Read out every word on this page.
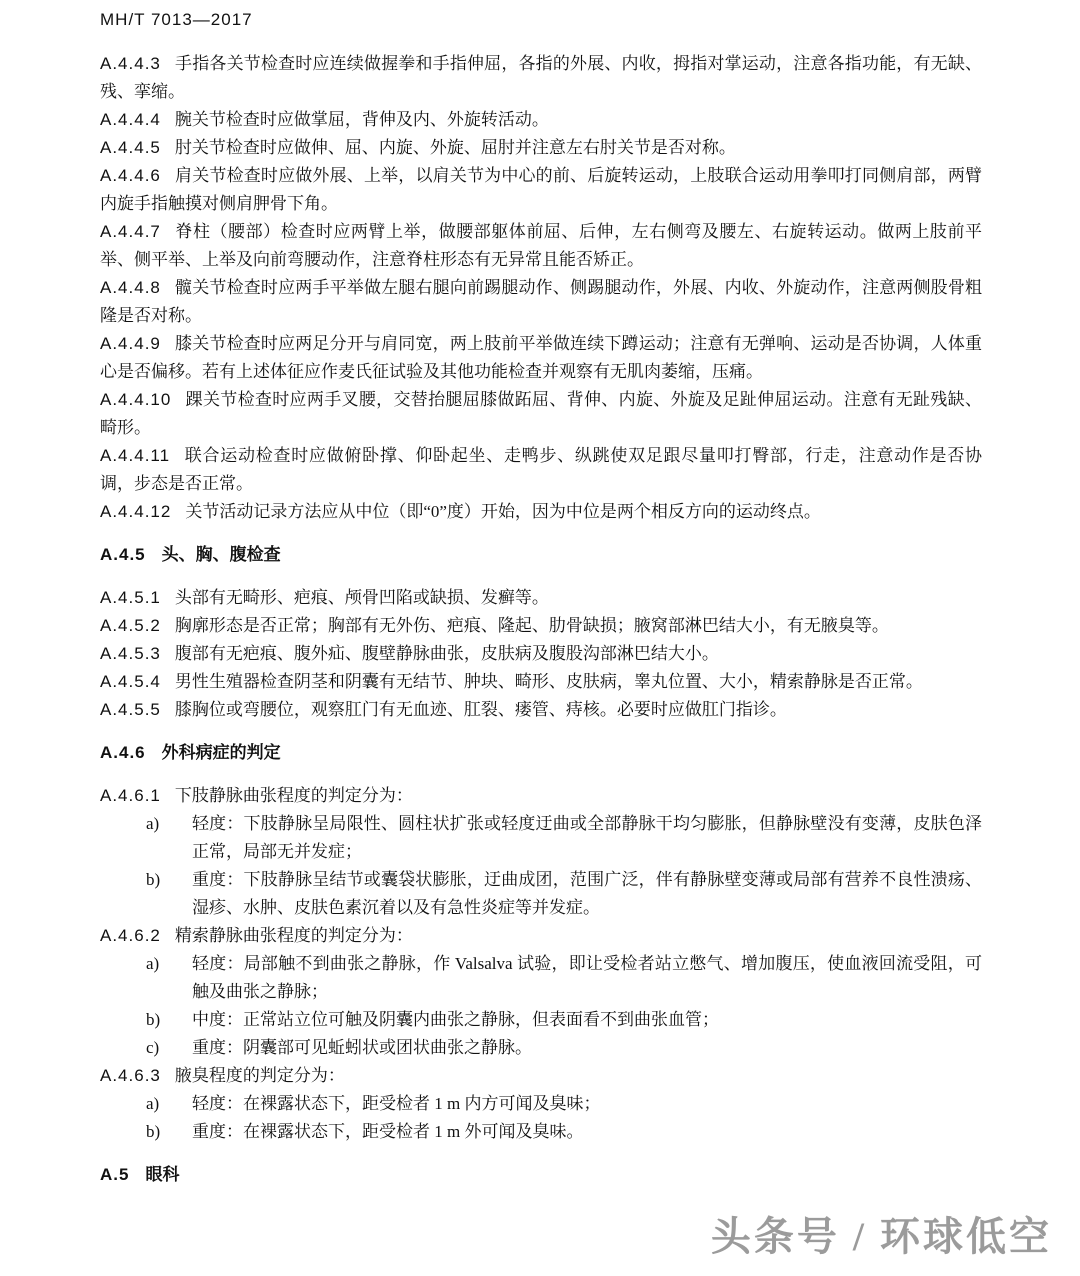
MH/T 7013—2017

A.4.4.3 手指各关节检查时应连续做握拳和手指伸屈，各指的外展、内收，拇指对掌运动，注意各指功能，有无缺、残、挛缩。

A.4.4.4 腕关节检查时应做掌屈，背伸及内、外旋转活动。

A.4.4.5 肘关节检查时应做伸、屈、内旋、外旋、屈肘并注意左右肘关节是否对称。

A.4.4.6 肩关节检查时应做外展、上举，以肩关节为中心的前、后旋转运动，上肢联合运动用拳叩打同侧肩部，两臂内旋手指触摸对侧肩胛骨下角。

A.4.4.7 脊柱（腰部）检查时应两臂上举，做腰部躯体前屈、后伸，左右侧弯及腰左、右旋转运动。做两上肢前平举、侧平举、上举及向前弯腰动作，注意脊柱形态有无异常且能否矫正。

A.4.4.8 髋关节检查时应两手平举做左腿右腿向前踢腿动作、侧踢腿动作，外展、内收、外旋动作，注意两侧股骨粗隆是否对称。

A.4.4.9 膝关节检查时应两足分开与肩同宽，两上肢前平举做连续下蹲运动；注意有无弹响、运动是否协调，人体重心是否偏移。若有上述体征应作麦氏征试验及其他功能检查并观察有无肌肉萎缩，压痛。

A.4.4.10 踝关节检查时应两手叉腰，交替抬腿屈膝做跖屈、背伸、内旋、外旋及足趾伸屈运动。注意有无趾残缺、畸形。

A.4.4.11 联合运动检查时应做俯卧撑、仰卧起坐、走鸭步、纵跳使双足跟尽量叩打臀部，行走，注意动作是否协调，步态是否正常。

A.4.4.12 关节活动记录方法应从中位（即“0”度）开始，因为中位是两个相反方向的运动终点。

A.4.5 头、胸、腹检查

A.4.5.1 头部有无畸形、疤痕、颅骨凹陷或缺损、发癣等。

A.4.5.2 胸廓形态是否正常；胸部有无外伤、疤痕、隆起、肋骨缺损；腋窝部淋巴结大小，有无腋臭等。

A.4.5.3 腹部有无疤痕、腹外疝、腹壁静脉曲张，皮肤病及腹股沟部淋巴结大小。

A.4.5.4 男性生殖器检查阴茎和阴囊有无结节、肿块、畸形、皮肤病，睾丸位置、大小，精索静脉是否正常。

A.4.5.5 膝胸位或弯腰位，观察肛门有无血迹、肛裂、瘘管、痔核。必要时应做肛门指诊。

A.4.6 外科病症的判定

A.4.6.1 下肢静脉曲张程度的判定分为：

a) 轻度：下肢静脉呈局限性、圆柱状扩张或轻度迂曲或全部静脉干均匀膨胀，但静脉壁没有变薄，皮肤色泽正常，局部无并发症；

b) 重度：下肢静脉呈结节或囊袋状膨胀，迂曲成团，范围广泛，伴有静脉壁变薄或局部有营养不良性溃疡、湿疹、水肿、皮肤色素沉着以及有急性炎症等并发症。

A.4.6.2 精索静脉曲张程度的判定分为：

a) 轻度：局部触不到曲张之静脉，作 Valsalva 试验，即让受检者站立憋气、增加腹压，使血液回流受阻，可触及曲张之静脉；

b) 中度：正常站立位可触及阴囊内曲张之静脉，但表面看不到曲张血管；

c) 重度：阴囊部可见蚯蚓状或团状曲张之静脉。

A.4.6.3 腋臭程度的判定分为：

a) 轻度：在裸露状态下，距受检者 1 m 内方可闻及臭味；

b) 重度：在裸露状态下，距受检者 1 m 外可闻及臭味。

A.5 眼科

头条号 / 环球低空
